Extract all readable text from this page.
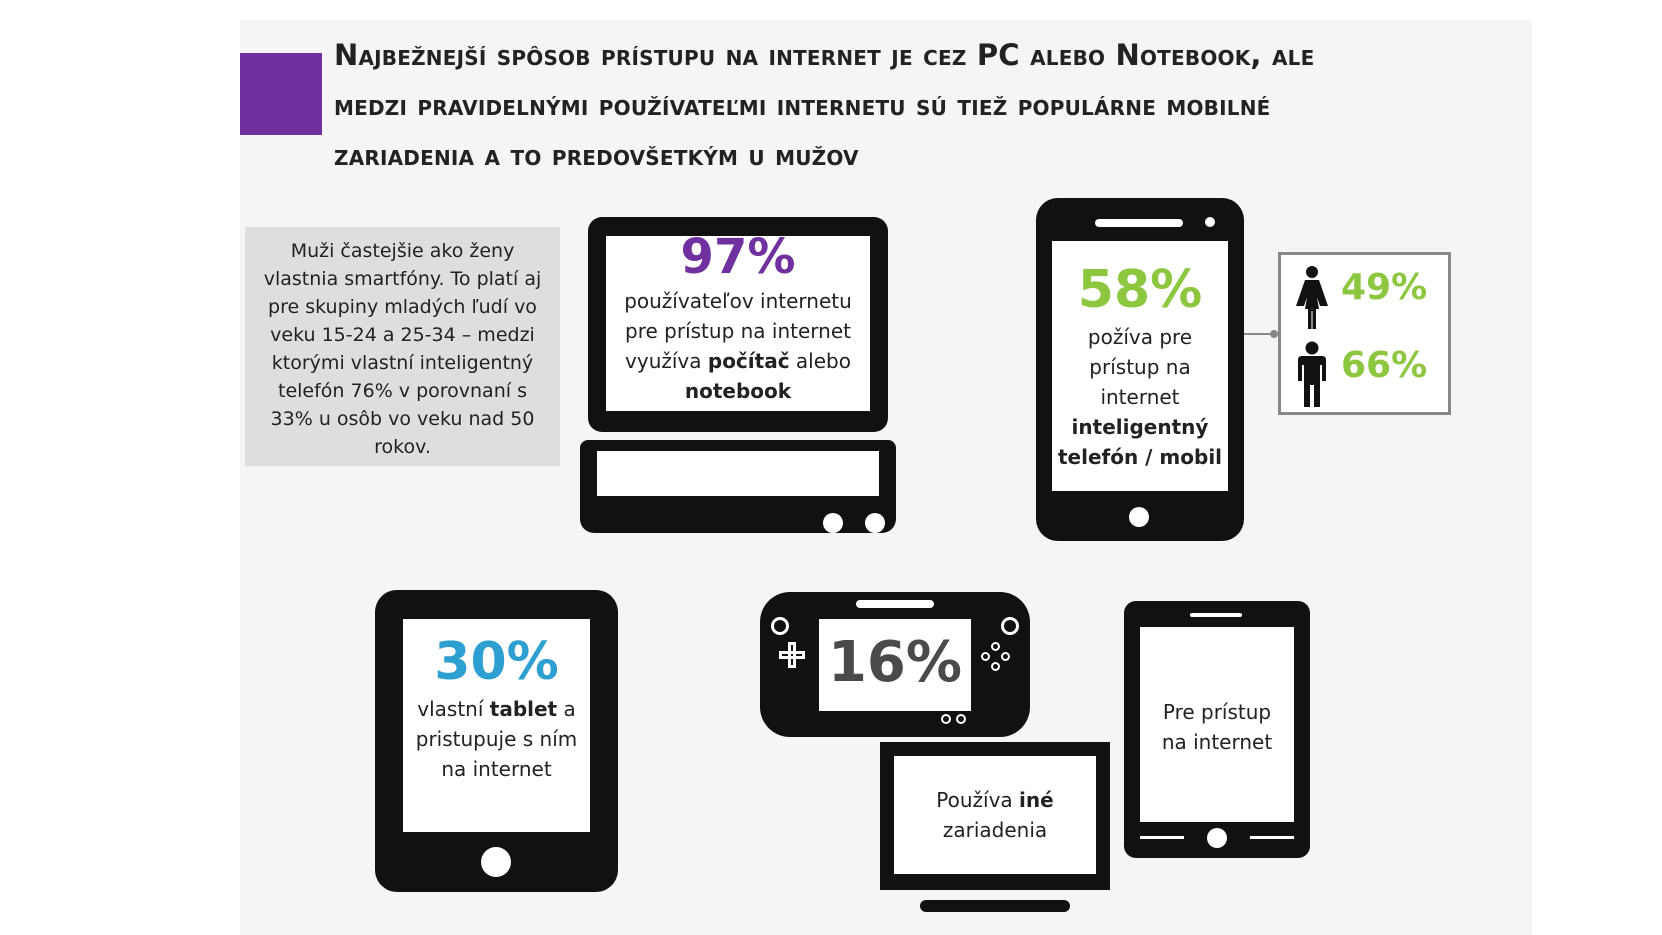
Najbežnejší spôsob prístupu na internet je cez PC alebo Notebook, ale
medzi pravidelnými používateľmi internetu sú tiež populárne mobilné
zariadenia a to predovšetkým u mužov
Muži častejšie ako ženy vlastnia smartfóny. To platí aj pre skupiny mladých ľudí vo veku 15-24 a 25-34 – medzi ktorými vlastní inteligentný telefón 76% v porovnaní s 33% u osôb vo veku nad 50 rokov.
97%
používateľov internetu pre prístup na internet využíva počítač alebo notebook
58%
požíva pre prístup na internet
inteligentný telefón / mobil
49%
66%
30%
vlastní tablet a pristupuje s ním na internet
16%
Používa iné
zariadenia
Pre prístup na internet
